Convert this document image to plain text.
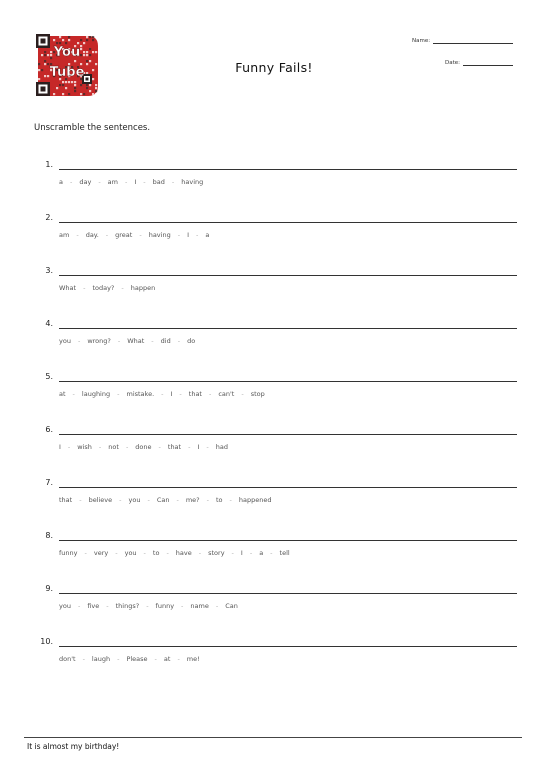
You
Tube	Funny Fails!
Name:
Date:
Unscramble the sentences.
1.
a - day - am - I - bad - having
2.
am - day. - great - having - I - a
3.
What - today? - happen
4.
you - wrong? - What - did - do
5.
at - laughing - mistake. - I - that - can't - stop
6.
I - wish - not - done - that - I - had
7.
that - believe - you - Can - me? - to - happened
8.
funny - very - you - to - have - story - I - a - tell
9.
you - five - things? - funny - name - Can
10.
don't - laugh - Please - at - me!
It is almost my birthday!
